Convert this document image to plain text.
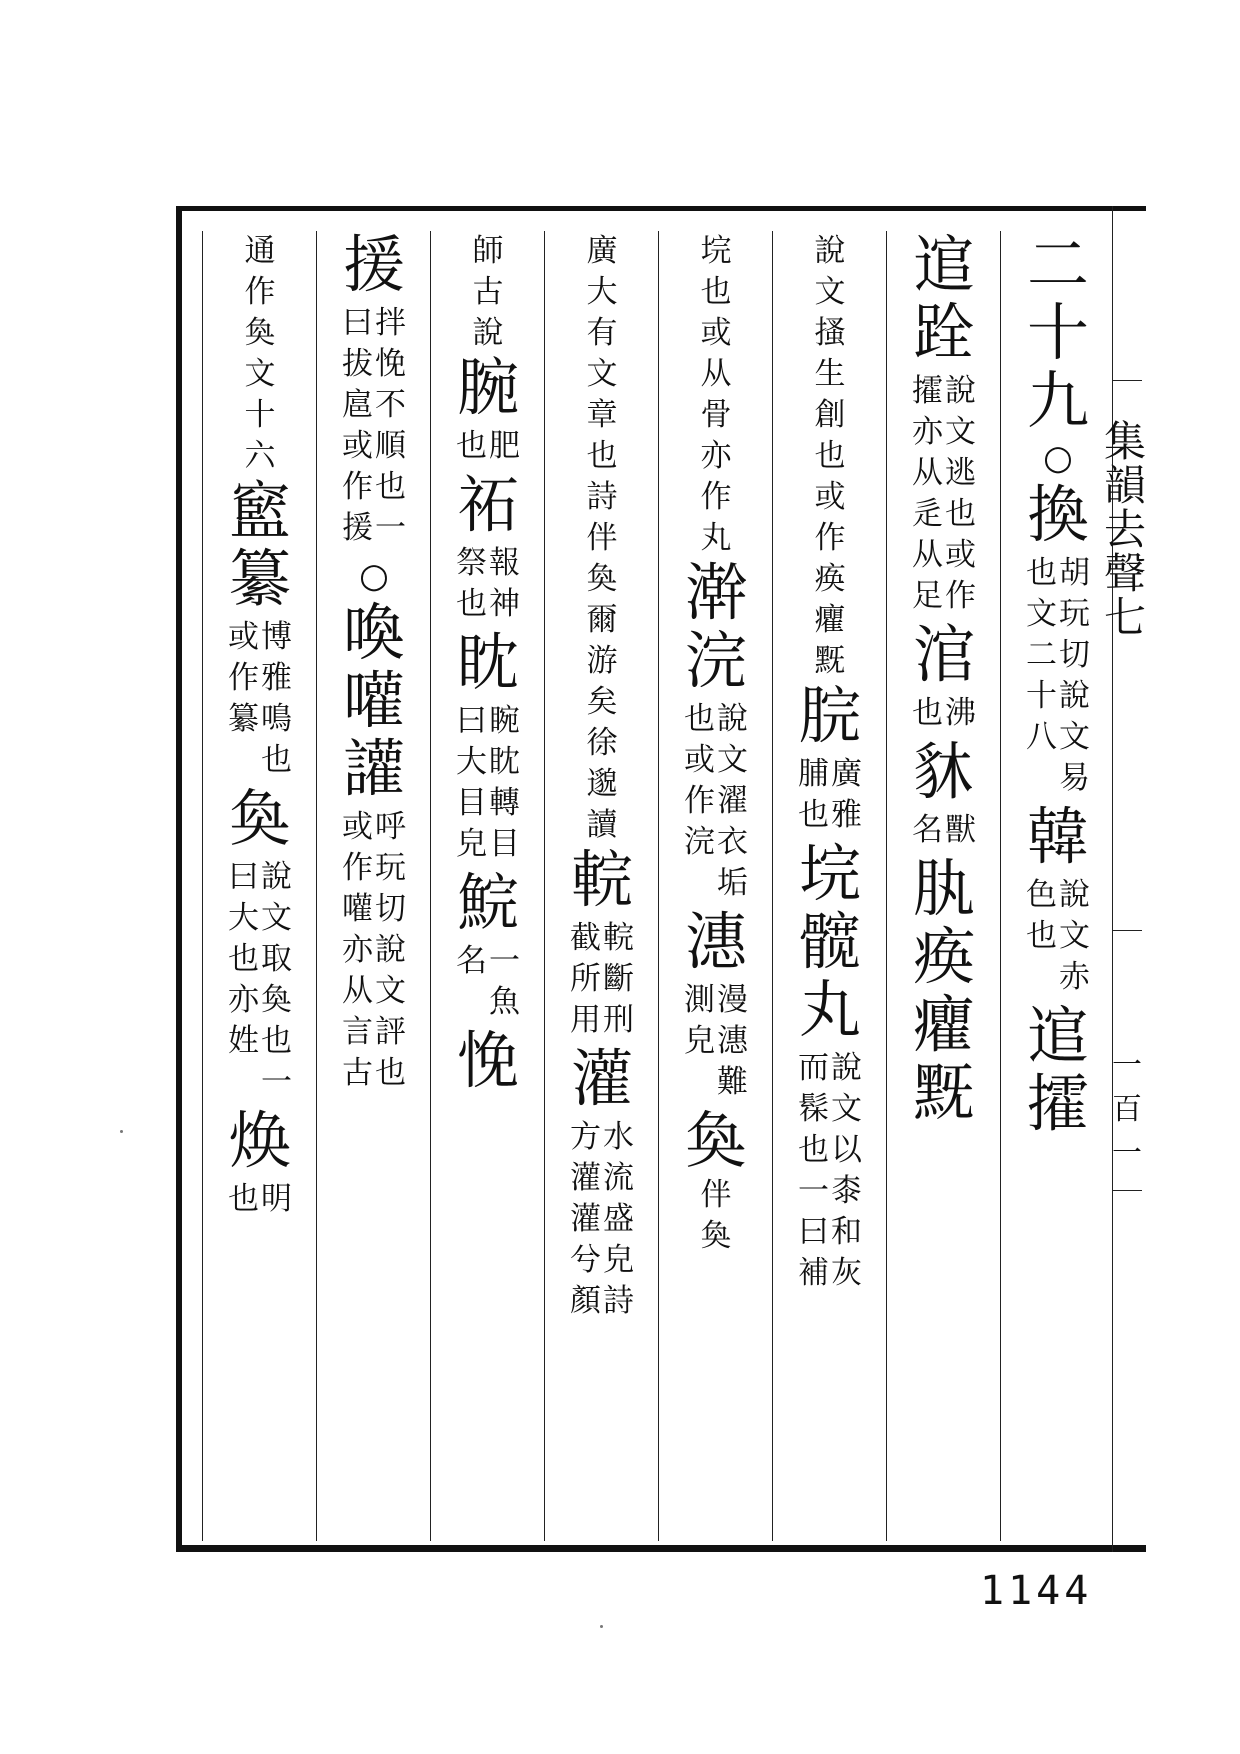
二
十
九
○
換
也
文
二
十
八
胡
玩
切
說
文
易
韓
色
也
說
文
赤
逭
攉
逭
跧
攉
亦
从
辵
从
足
說
文
逃
也
或
作
涫
也 沸
䝗
名 獸
肒
痪
癯
黖
說
文
搔
生
創
也
或
作
痪
癯
黖
脘
脯
也
廣
雅
垸
髋
丸
而
髹
也
一
曰
補
說
文
以
桼
和
灰
垸
也
或
从
骨
亦
作
丸
澣
浣
也
或
作
浣
說
文
濯
衣
垢
潓
測
皃
漫
潓
難
奐
伴
奐
廣
大
有
文
章
也
詩
伴
奐
爾
游
矣
徐
邈
讀
輐
截
所
用
輐
斷
刑
灌
方
灌
灌
兮
顏
水
流
盛
皃
詩
師
古
說
腕
也 肥
祏
祭
也
報
神
眈
曰
大
目
皃
睕
眈
轉
目
鯇
名 一
魚
悗
援
曰
拔
扈
或
作
援
拌
悗
不
順
也
一
○
喚
嚾
讙
或
作
嚾
亦
从
言
古
呼
玩
切
說
文
評
也
通
作
奐
文
十
六
䆾
纂
或
作
纂
博
雅
鳴
也
奐
曰
大
也
亦
姓
說
文
取
奐
也
一
焕
也 明
集
韻
去
聲
七
一
百
一
1144
